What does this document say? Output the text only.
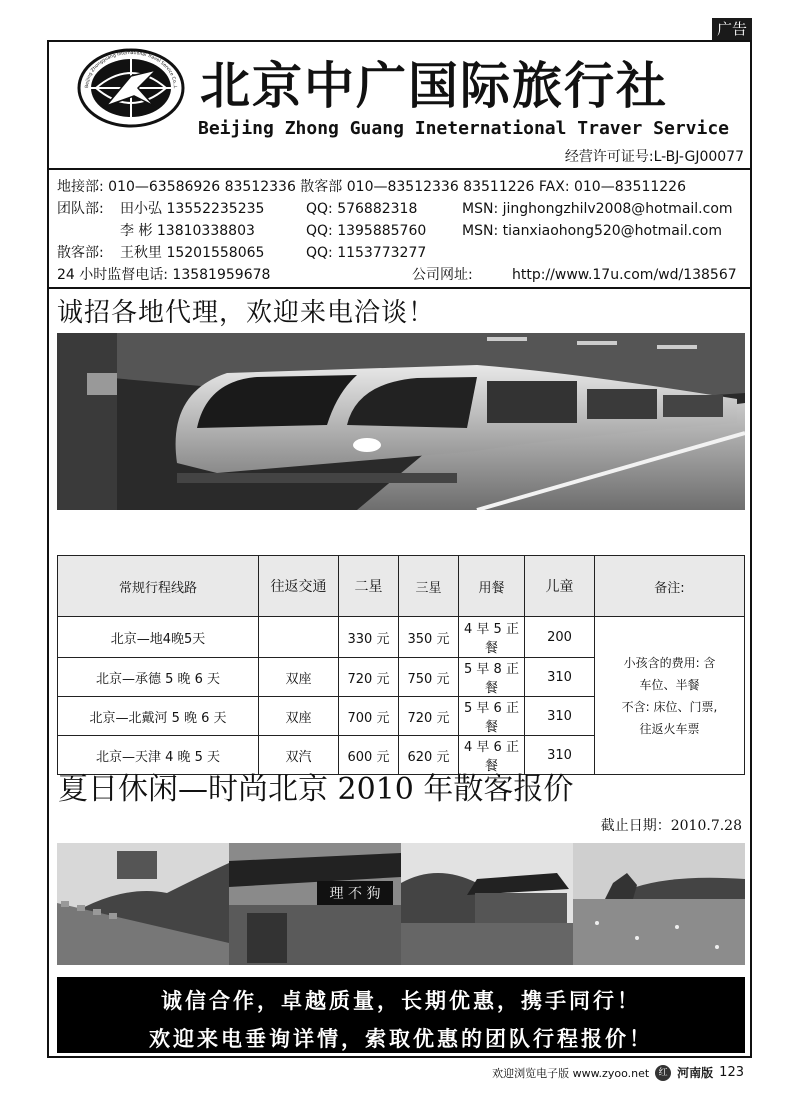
广告
Beijing Zhongguang International Travel Service Co.,L 北京中广国际旅行社
Beijing Zhong Guang Ineternational Traver Service
经营许可证号:L-BJ-GJ00077
地接部: 010—63586926 83512336 散客部 010—83512336 83511226 FAX: 010—83511226
团队部: 田小弘 13552235235	QQ: 576882318	MSN: jinghongzhilv2008@hotmail.com
李 彬 13810338803	QQ: 1395885760	MSN: tianxiaohong520@hotmail.com
散客部: 王秋里 15201558065	QQ: 1153773277
24 小时监督电话: 13581959678	公司网址:	http://www.17u.com/wd/138567
诚招各地代理，欢迎来电洽谈！
常规行程线路	往返交通	二星	三星	用餐	儿童	备注:
北京—地4晚5天		330 元	350 元	4 早 5 正餐	200	小孩含的费用: 含
车位、半餐
不含: 床位、门票,
往返火车票

北京—承德 5 晚 6 天	双座	720 元	750 元	5 早 8 正餐	310	
北京—北戴河 5 晚 6 天	双座	700 元	720 元	5 早 6 正餐	310	
北京—天津 4 晚 5 天	双汽	600 元	620 元	4 早 6 正餐	310	
夏日休闲—时尚北京 2010 年散客报价
截止日期：2010.7.28
理 不 狗
诚信合作，卓越质量，长期优惠，携手同行！
欢迎来电垂询详情，索取优惠的团队行程报价！
欢迎浏览电子版 www.zyoo.net	红 河南版 123
